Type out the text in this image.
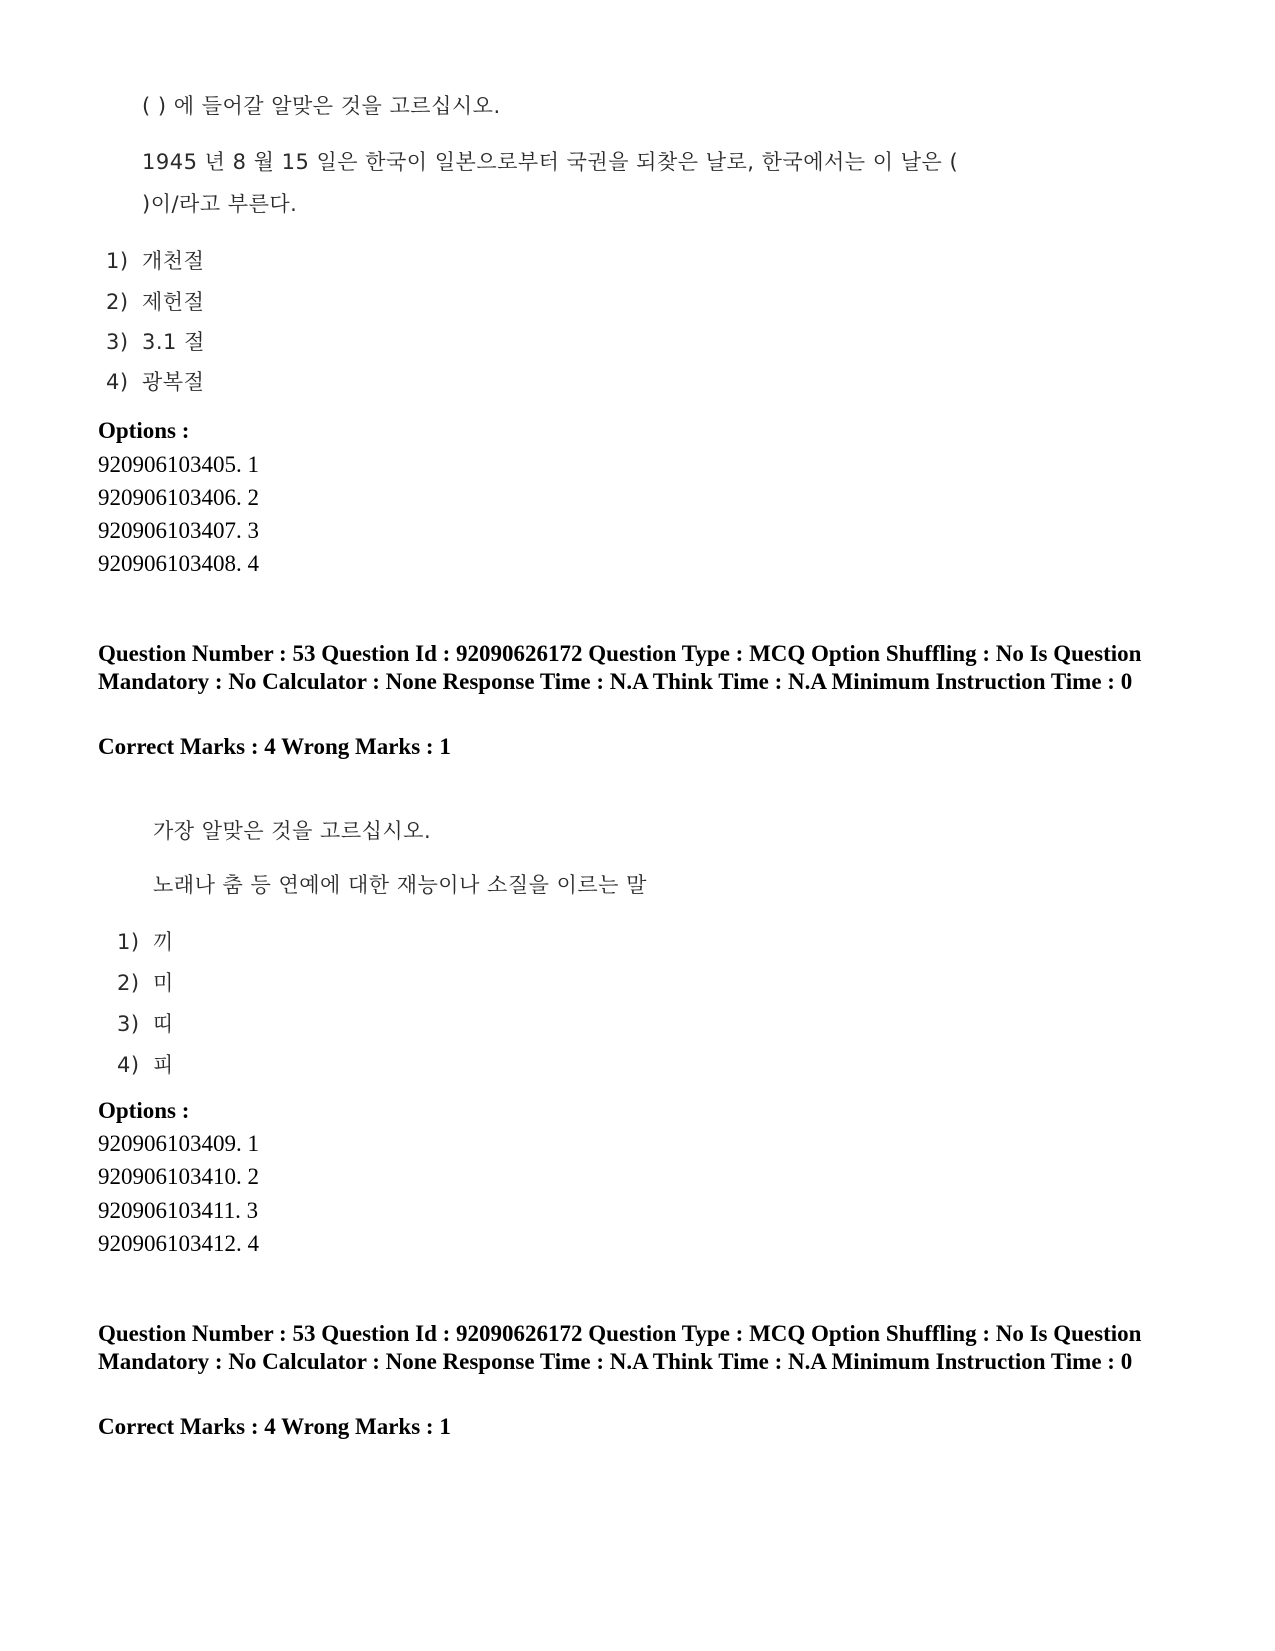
( ) 에 들어갈 알맞은 것을 고르십시오.
1945 년 8 월 15 일은 한국이 일본으로부터 국권을 되찾은 날로, 한국에서는 이 날은 (
)이/라고 부른다.
1) 개천절
2) 제헌절
3) 3.1 절
4) 광복절
Options :
920906103405. 1
920906103406. 2
920906103407. 3
920906103408. 4
Question Number : 53 Question Id : 92090626172 Question Type : MCQ Option Shuffling : No Is Question Mandatory : No Calculator : None Response Time : N.A Think Time : N.A Minimum Instruction Time : 0
Correct Marks : 4 Wrong Marks : 1
가장 알맞은 것을 고르십시오.
노래나 춤 등 연예에 대한 재능이나 소질을 이르는 말
1) 끼
2) 미
3) 띠
4) 피
Options :
920906103409. 1
920906103410. 2
920906103411. 3
920906103412. 4
Question Number : 53 Question Id : 92090626172 Question Type : MCQ Option Shuffling : No Is Question Mandatory : No Calculator : None Response Time : N.A Think Time : N.A Minimum Instruction Time : 0
Correct Marks : 4 Wrong Marks : 1
